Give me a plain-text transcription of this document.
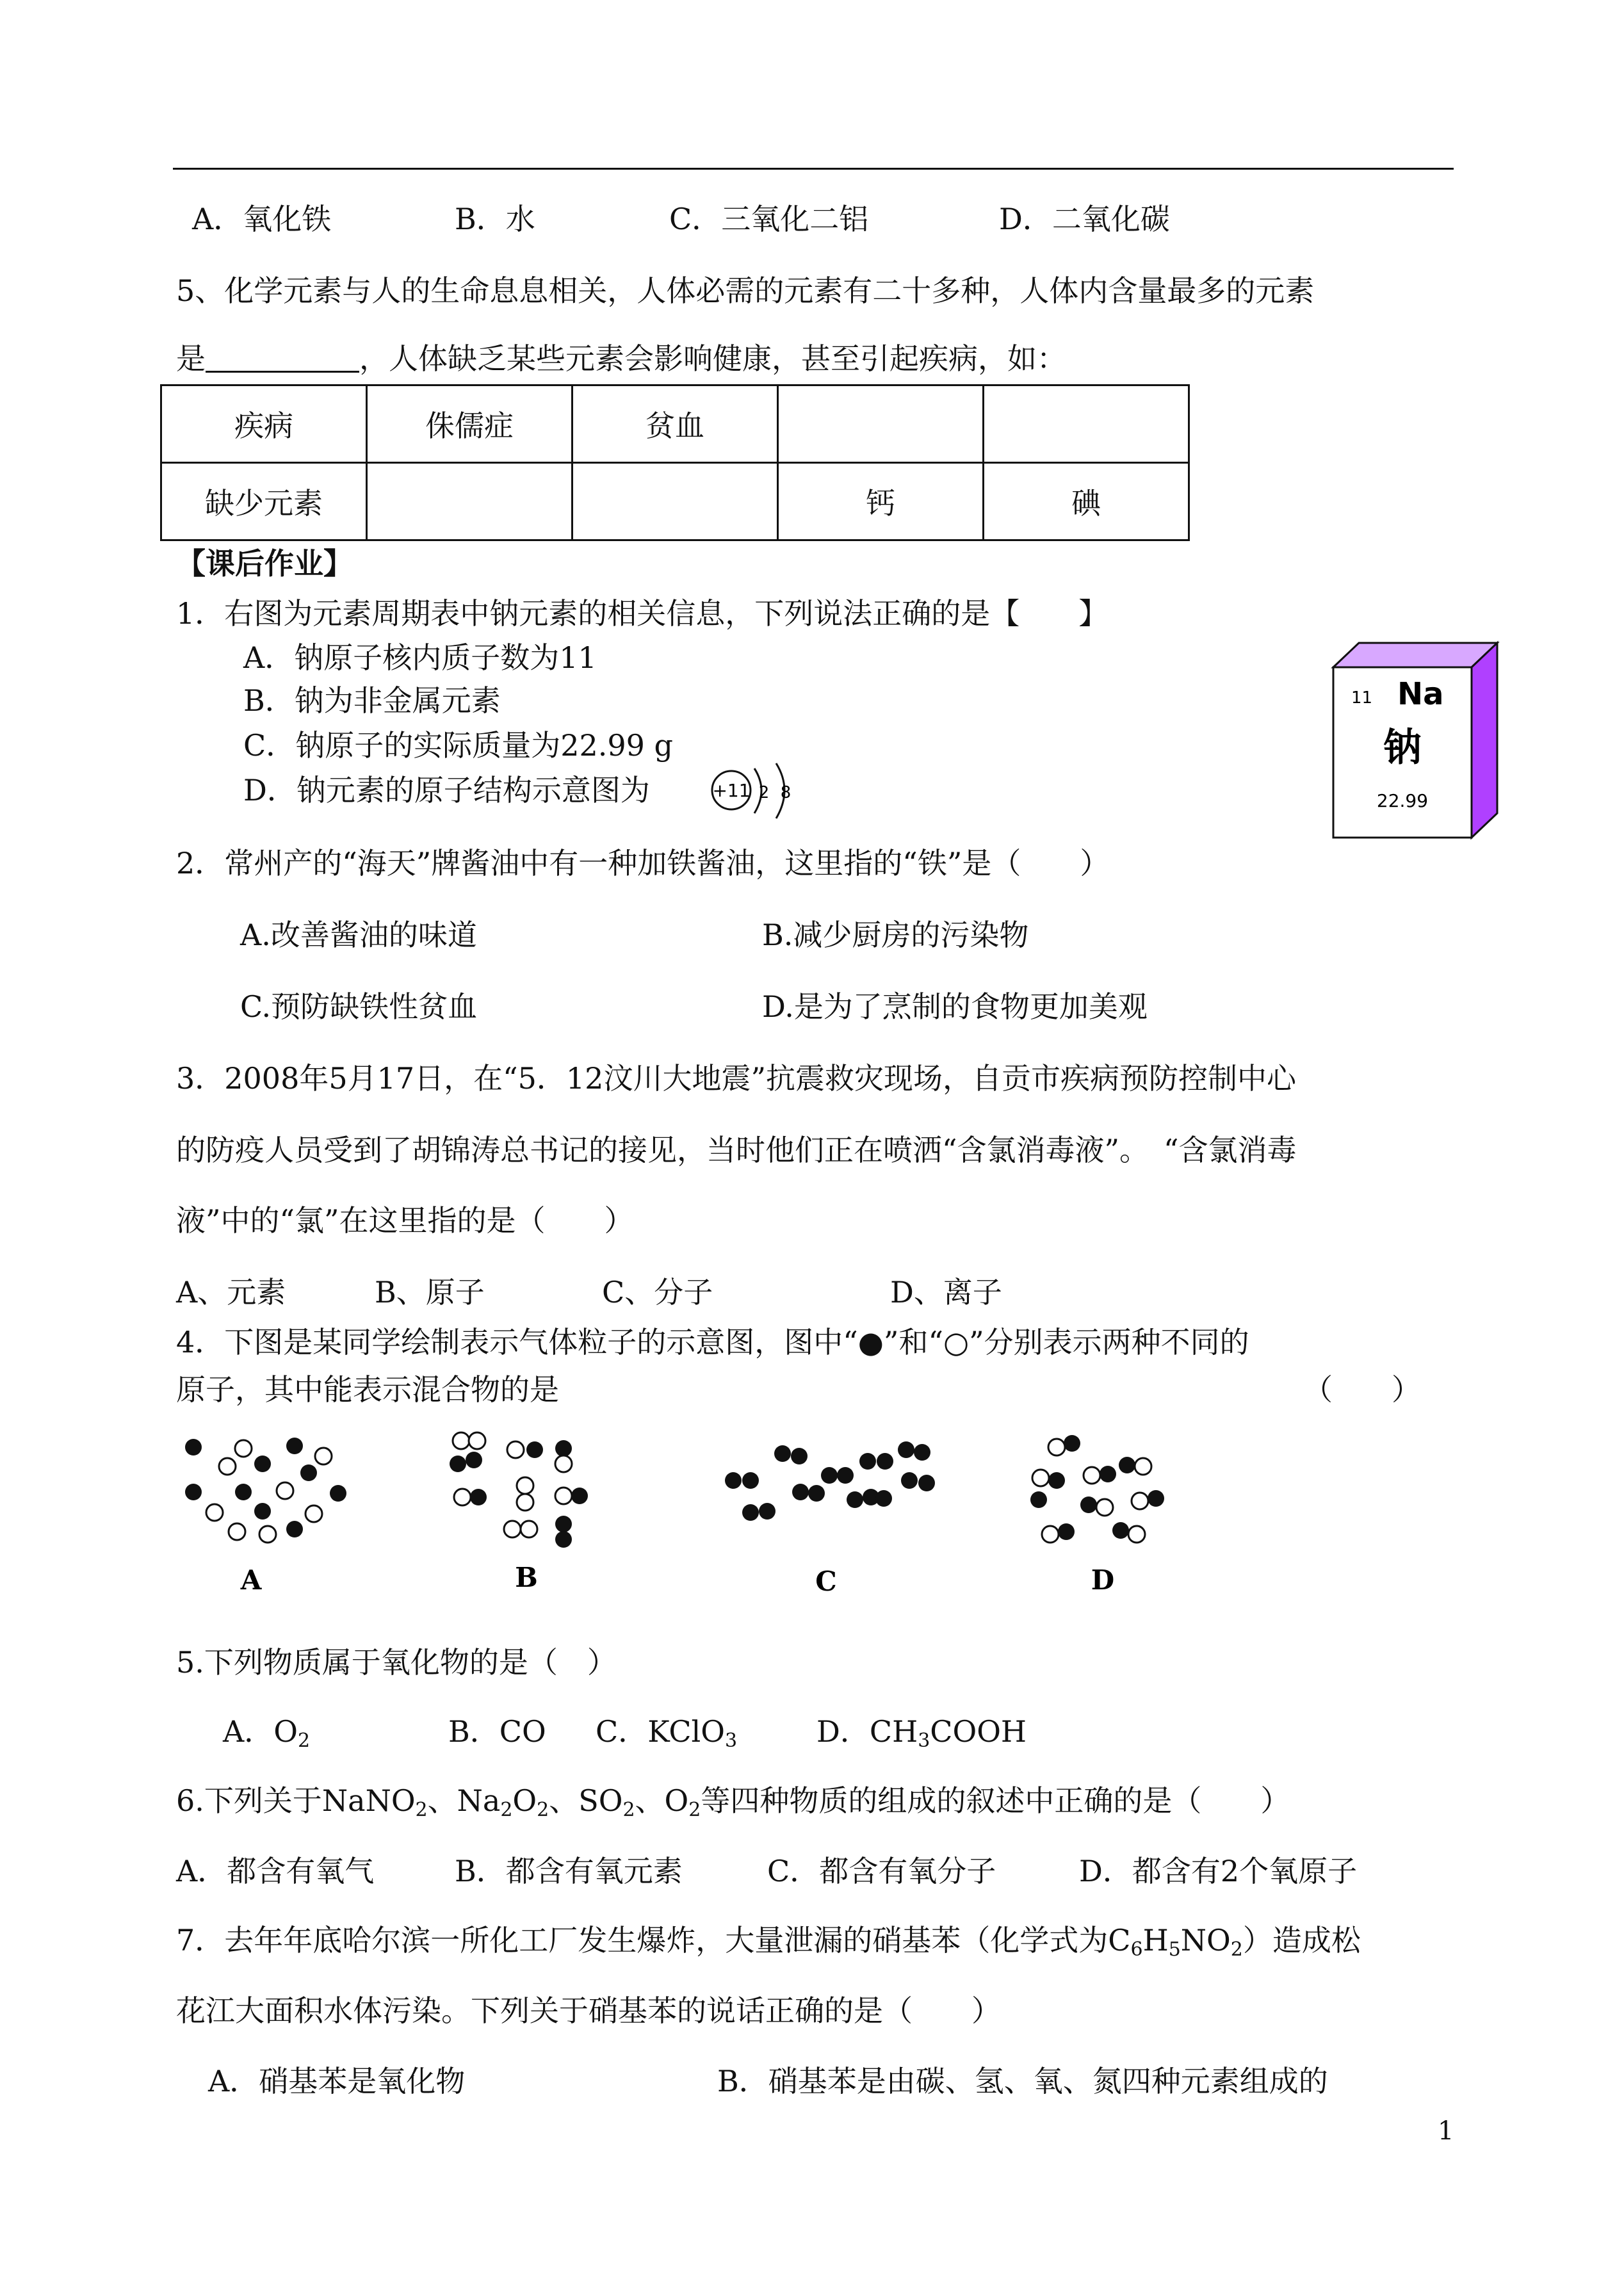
A．氧化铁	B．水	C．三氧化二铝	D．二氧化碳
5、化学元素与人的生命息息相关，人体必需的元素有二十多种，人体内含量最多的元素
是	，人体缺乏某些元素会影响健康，甚至引起疾病，如：
疾病	侏儒症	贫血		
缺少元素			钙	碘
【课后作业】
1．右图为元素周期表中钠元素的相关信息，下列说法正确的是【　　】
A．钠原子核内质子数为11
B．钠为非金属元素
C．钠原子的实际质量为22.99 g
D．钠元素的原子结构示意图为	+11 2 8
11 Na
钠
22.99
2．常州产的“海天”牌酱油中有一种加铁酱油，这里指的“铁”是（　　）
A.改善酱油的味道	B.减少厨房的污染物
C.预防缺铁性贫血	D.是为了烹制的食物更加美观
3．2008年5月17日，在“5．12汶川大地震”抗震救灾现场，自贡市疾病预防控制中心
的防疫人员受到了胡锦涛总书记的接见，当时他们正在喷洒“含氯消毒液”。　“含氯消毒
液”中的“氯”在这里指的是（　　）
A、元素	B、原子	C、分子	D、离子
4．下图是某同学绘制表示气体粒子的示意图，图中“●”和“○”分别表示两种不同的
原子，其中能表示混合物的是	（　　）
A	B	C	D
5.下列物质属于氧化物的是（　）
A．$O_2$	B．CO C．KClO$_3$	D．$CH_3COOH$
6.下列关于NaNO$_2$、$Na_2O_2$、$SO_2$、$O_2$等四种物质的组成的叙述中正确的是（　　）
A．都含有氧气	B．都含有氧元素	C．都含有氧分子	D．都含有2个氧原子
7．去年年底哈尔滨一所化工厂发生爆炸，大量泄漏的硝基苯（化学式为$C_6H_5NO_2$）造成松
花江大面积水体污染。下列关于硝基苯的说话正确的是（　　）
A．硝基苯是氧化物	B．硝基苯是由碳、氢、氧、氮四种元素组成的
1
